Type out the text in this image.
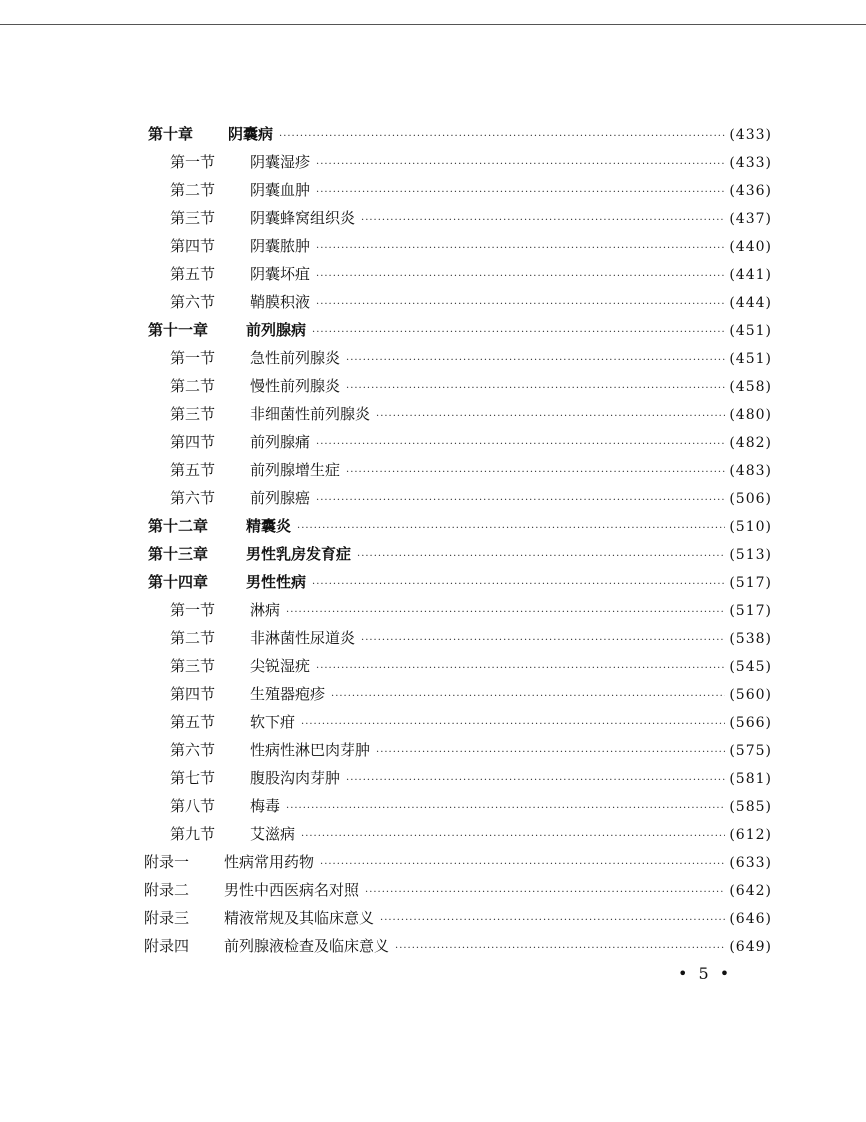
第十章	阴囊病 ·····	(433)
第一节	阴囊湿疹 ·····	(433)
第二节	阴囊血肿 ·····	(436)
第三节	阴囊蜂窝组织炎 ·····	(437)
第四节	阴囊脓肿 ·····	(440)
第五节	阴囊坏疽 ·····	(441)
第六节	鞘膜积液 ·····	(444)
第十一章	前列腺病 ·····	(451)
第一节	急性前列腺炎 ·····	(451)
第二节	慢性前列腺炎 ·····	(458)
第三节	非细菌性前列腺炎 ·····	(480)
第四节	前列腺痛 ·····	(482)
第五节	前列腺增生症 ·····	(483)
第六节	前列腺癌 ·····	(506)
第十二章	精囊炎 ·····	(510)
第十三章	男性乳房发育症 ·····	(513)
第十四章	男性性病 ·····	(517)
第一节	淋病 ·····	(517)
第二节	非淋菌性尿道炎 ·····	(538)
第三节	尖锐湿疣 ·····	(545)
第四节	生殖器疱疹 ·····	(560)
第五节	软下疳 ·····	(566)
第六节	性病性淋巴肉芽肿 ·····	(575)
第七节	腹股沟肉芽肿 ·····	(581)
第八节	梅毒 ·····	(585)
第九节	艾滋病 ·····	(612)
附录一	性病常用药物 ·····	(633)
附录二	男性中西医病名对照 ·····	(642)
附录三	精液常规及其临床意义 ·····	(646)
附录四	前列腺液检查及临床意义 ·····	(649)
• 5 •
